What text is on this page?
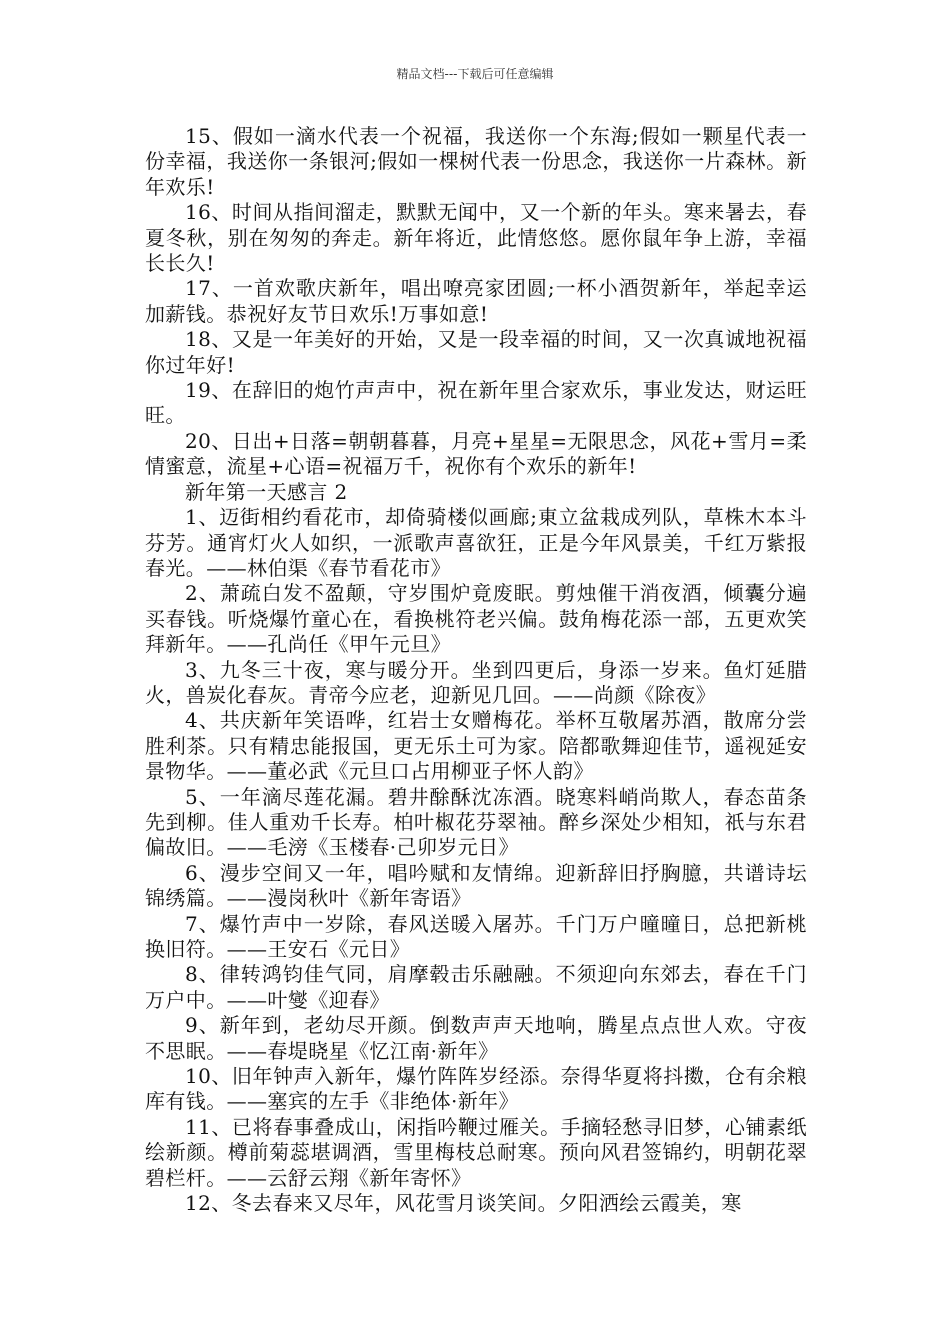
精品文档---下载后可任意编辑

15、假如一滴水代表一个祝福，我送你一个东海;假如一颗星代表一份幸福，我送你一条银河;假如一棵树代表一份思念，我送你一片森林。新年欢乐!

16、时间从指间溜走，默默无闻中，又一个新的年头。寒来暑去，春夏冬秋，别在匆匆的奔走。新年将近，此情悠悠。愿你鼠年争上游，幸福长长久!

17、一首欢歌庆新年，唱出嘹亮家团圆;一杯小酒贺新年，举起幸运加薪钱。恭祝好友节日欢乐!万事如意!

18、又是一年美好的开始，又是一段幸福的时间，又一次真诚地祝福你过年好!

19、在辞旧的炮竹声声中，祝在新年里合家欢乐，事业发达，财运旺旺。

20、日出+日落=朝朝暮暮，月亮+星星=无限思念，风花+雪月=柔情蜜意，流星+心语=祝福万千，祝你有个欢乐的新年!

新年第一天感言 2

1、迈街相约看花市，却倚骑楼似画廊;東立盆栽成列队，草株木本斗芬芳。通宵灯火人如织，一派歌声喜欲狂，正是今年风景美，千红万紫报春光。——林伯渠《春节看花市》

2、萧疏白发不盈颠，守岁围炉竟废眠。剪烛催干消夜酒，倾囊分遍买春钱。听烧爆竹童心在，看换桃符老兴偏。鼓角梅花添一部，五更欢笑拜新年。——孔尚任《甲午元旦》

3、九冬三十夜，寒与暖分开。坐到四更后，身添一岁来。鱼灯延腊火，兽炭化春灰。青帝今应老，迎新见几回。——尚颜《除夜》

4、共庆新年笑语哗，红岩士女赠梅花。举杯互敬屠苏酒，散席分尝胜利茶。只有精忠能报国，更无乐土可为家。陪都歌舞迎佳节，遥视延安景物华。——董必武《元旦口占用柳亚子怀人韵》

5、一年滴尽莲花漏。碧井酴酥沈冻酒。晓寒料峭尚欺人，春态苗条先到柳。佳人重劝千长寿。柏叶椒花芬翠袖。醉乡深处少相知，祇与东君偏故旧。——毛滂《玉楼春·己卯岁元日》

6、漫步空间又一年，唱吟赋和友情绵。迎新辞旧抒胸臆，共谱诗坛锦绣篇。——漫岗秋叶《新年寄语》

7、爆竹声中一岁除，春风送暖入屠苏。千门万户曈曈日，总把新桃换旧符。——王安石《元日》

8、律转鸿钧佳气同，肩摩毂击乐融融。不须迎向东郊去，春在千门万户中。——叶燮《迎春》

9、新年到，老幼尽开颜。倒数声声天地响，腾星点点世人欢。守夜不思眠。——春堤晓星《忆江南·新年》

10、旧年钟声入新年，爆竹阵阵岁经添。奈得华夏将抖擞，仓有余粮库有钱。——塞宾的左手《非绝体·新年》

11、已将春事叠成山，闲指吟鞭过雁关。手摘轻愁寻旧梦，心铺素纸绘新颜。樽前菊蕊堪调酒，雪里梅枝总耐寒。预向风君签锦约，明朝花翠碧栏杆。——云舒云翔《新年寄怀》

12、冬去春来又尽年，风花雪月谈笑间。夕阳洒绘云霞美，寒
